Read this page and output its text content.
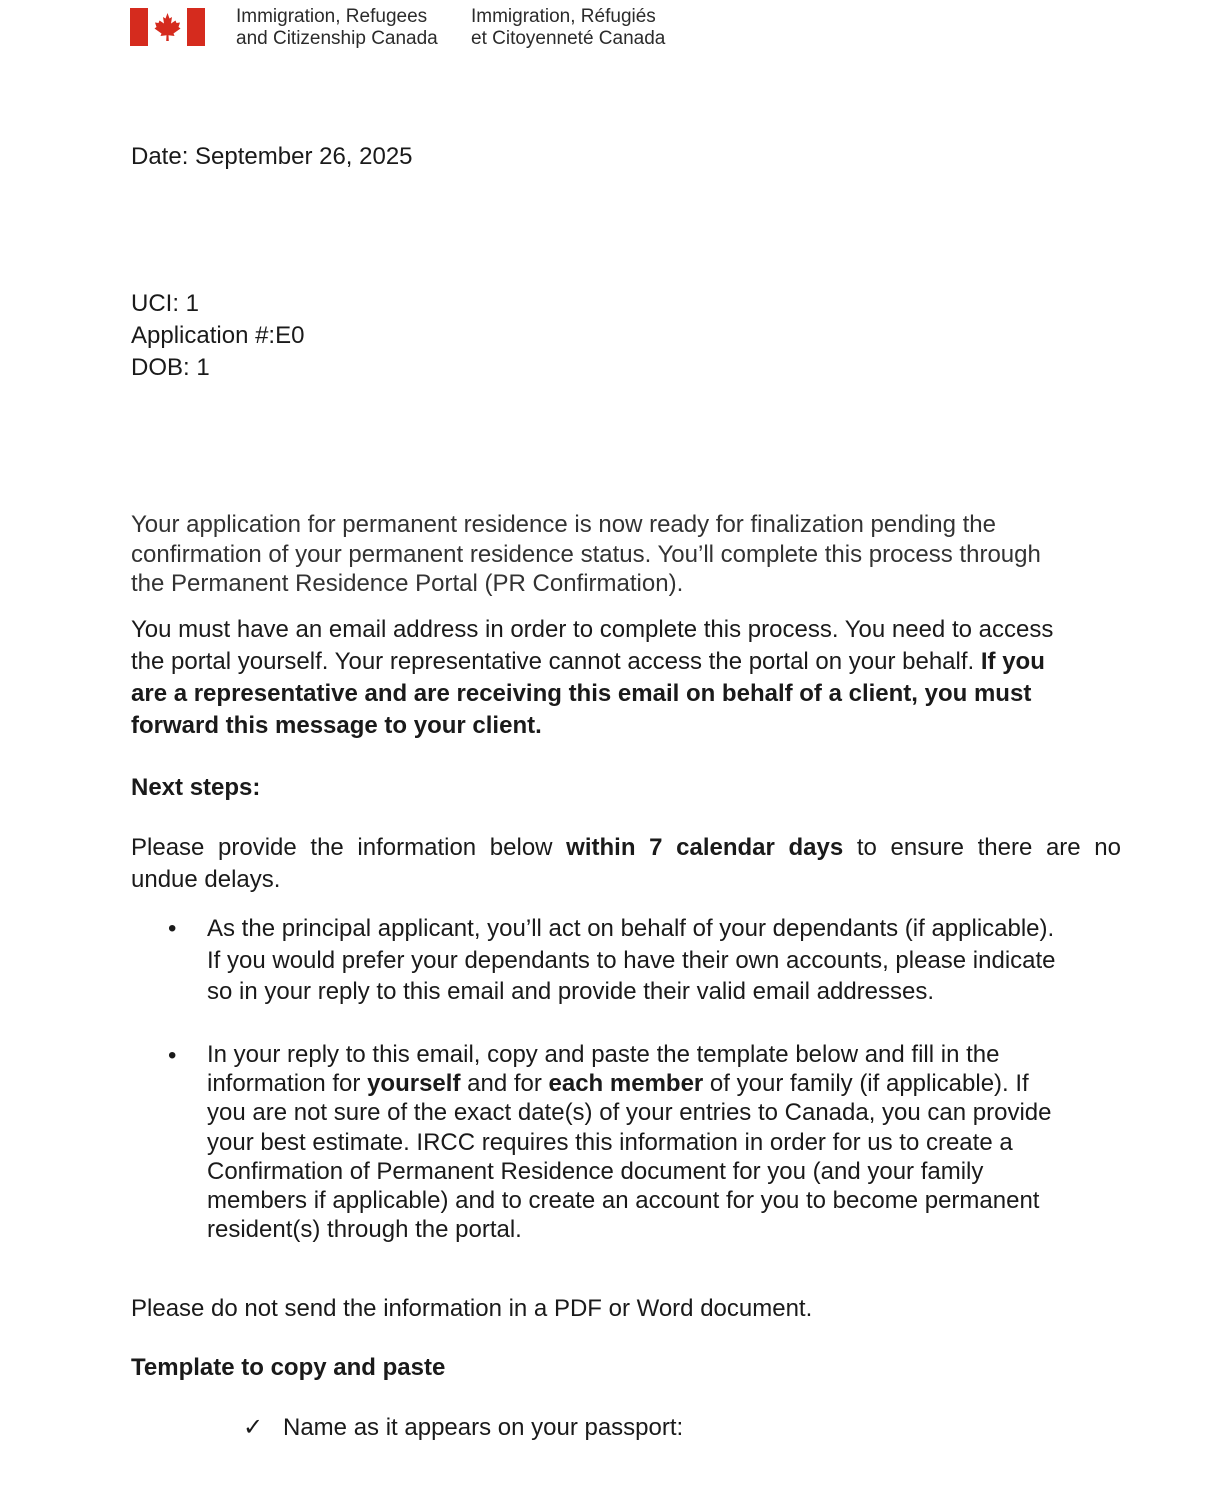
Immigration, Refugees
and Citizenship Canada
Immigration, Réfugiés
et Citoyenneté Canada
Date: September 26, 2025
UCI: 1
Application #:E0
DOB: 1
Your application for permanent residence is now ready for finalization pending the
confirmation of your permanent residence status. You’ll complete this process through
the Permanent Residence Portal (PR Confirmation).
You must have an email address in order to complete this process. You need to access
the portal yourself. Your representative cannot access the portal on your behalf. If you
are a representative and are receiving this email on behalf of a client, you must
forward this message to your client.
Next steps:
Please provide the information below within 7 calendar days to ensure there are no
undue delays.
• As the principal applicant, you’ll act on behalf of your dependants (if applicable).
If you would prefer your dependants to have their own accounts, please indicate
so in your reply to this email and provide their valid email addresses.
• In your reply to this email, copy and paste the template below and fill in the
information for yourself and for each member of your family (if applicable). If
you are not sure of the exact date(s) of your entries to Canada, you can provide
your best estimate. IRCC requires this information in order for us to create a
Confirmation of Permanent Residence document for you (and your family
members if applicable) and to create an account for you to become permanent
resident(s) through the portal.
Please do not send the information in a PDF or Word document.
Template to copy and paste
✓ Name as it appears on your passport:
